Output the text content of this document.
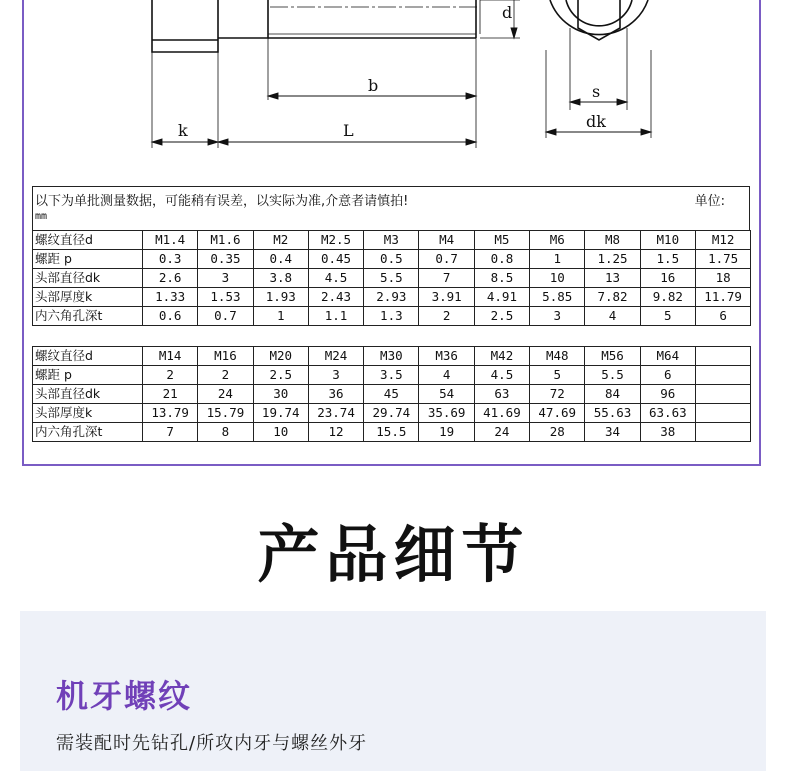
d
b
k	L
s
dk
以下为单批测量数据，可能稍有误差，以实际为准,介意者请慎拍!	单位:
mm
螺纹直径d	M1.4	M1.6	M2	M2.5	M3	M4	M5	M6	M8	M10	M12
螺距 p	0.3	0.35	0.4	0.45	0.5	0.7	0.8	1	1.25	1.5	1.75
头部直径dk	2.6	3	3.8	4.5	5.5	7	8.5	10	13	16	18
头部厚度k	1.33	1.53	1.93	2.43	2.93	3.91	4.91	5.85	7.82	9.82	11.79
内六角孔深t	0.6	0.7	1	1.1	1.3	2	2.5	3	4	5	6
螺纹直径d	M14	M16	M20	M24	M30	M36	M42	M48	M56	M64	
螺距 p	2	2	2.5	3	3.5	4	4.5	5	5.5	6	
头部直径dk	21	24	30	36	45	54	63	72	84	96	
头部厚度k	13.79	15.79	19.74	23.74	29.74	35.69	41.69	47.69	55.63	63.63	
内六角孔深t	7	8	10	12	15.5	19	24	28	34	38	
产品细节
机牙螺纹

需装配时先钻孔/所攻内牙与螺丝外牙
